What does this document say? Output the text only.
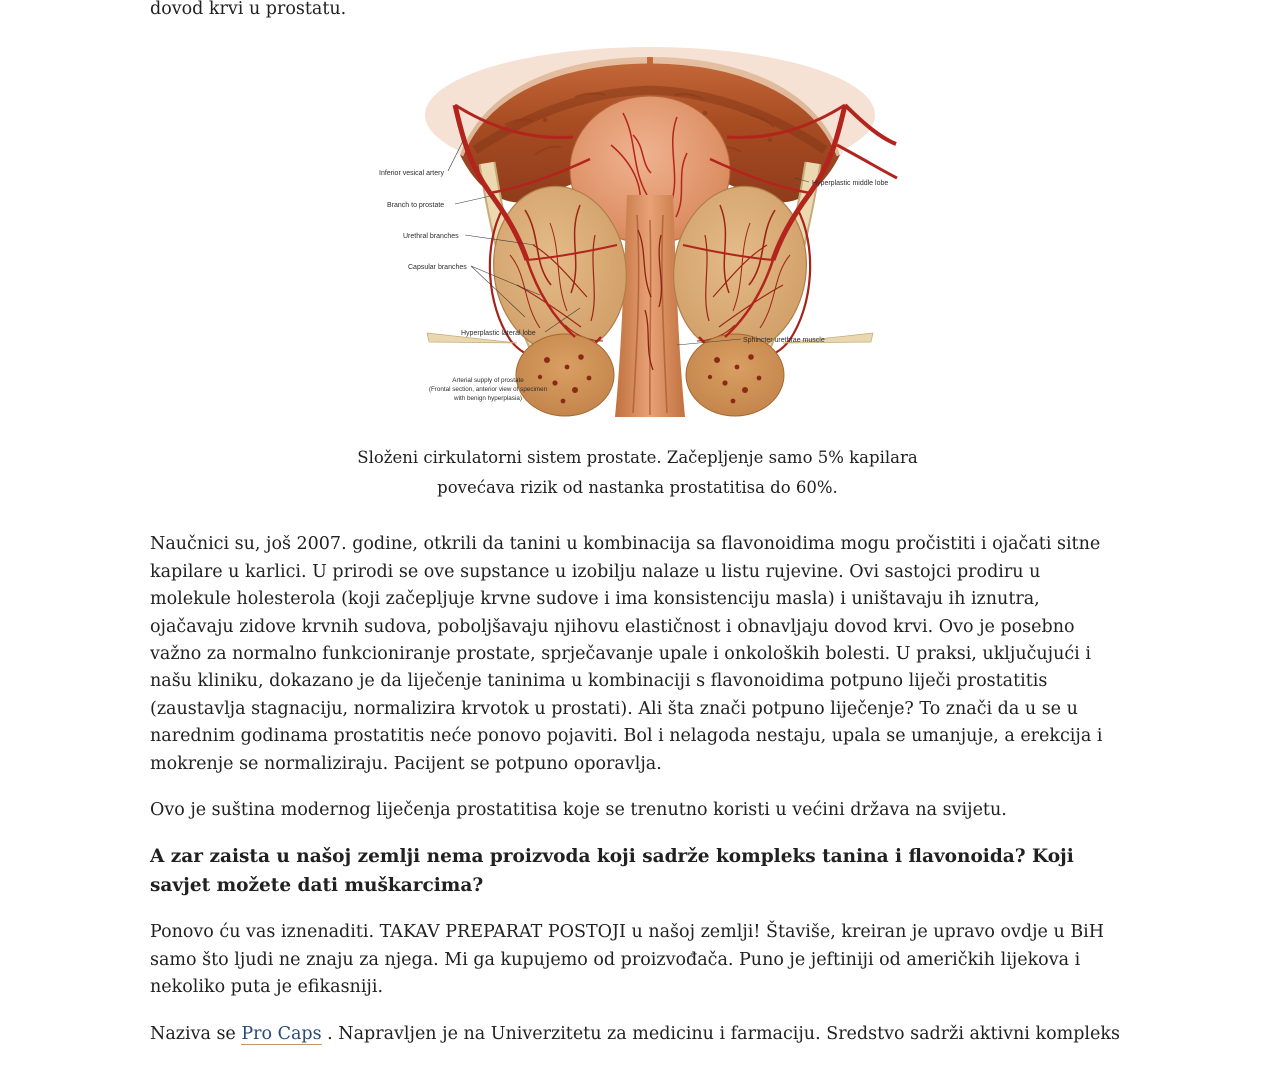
dovod krvi u prostatu.

Inferior vesical artery
Branch to prostate
Urethral branches
Capsular branches
Hyperplastic lateral lobe
Hyperplastic middle lobe
Sphincter urethrae muscle
Arterial supply of prostate
(Frontal section, anterior view of specimen
with benign hyperplasia)
Složeni cirkulatorni sistem prostate. Začepljenje samo 5% kapilara povećava rizik od nastanka prostatitisa do 60%.

Naučnici su, još 2007. godine, otkrili da tanini u kombinacija sa flavonoidima mogu pročistiti i ojačati sitne kapilare u karlici. U prirodi se ove supstance u izobilju nalaze u listu rujevine. Ovi sastojci prodiru u molekule holesterola (koji začepljuje krvne sudove i ima konsistenciju masla) i uništavaju ih iznutra, ojačavaju zidove krvnih sudova, poboljšavaju njihovu elastičnost i obnavljaju dovod krvi. Ovo je posebno važno za normalno funkcioniranje prostate, sprječavanje upale i onkoloških bolesti. U praksi, uključujući i našu kliniku, dokazano je da liječenje taninima u kombinaciji s flavonoidima potpuno liječi prostatitis (zaustavlja stagnaciju, normalizira krvotok u prostati). Ali šta znači potpuno liječenje? To znači da u se u narednim godinama prostatitis neće ponovo pojaviti. Bol i nelagoda nestaju, upala se umanjuje, a erekcija i mokrenje se normaliziraju. Pacijent se potpuno oporavlja.

Ovo je suština modernog liječenja prostatitisa koje se trenutno koristi u većini država na svijetu.

A zar zaista u našoj zemlji nema proizvoda koji sadrže kompleks tanina i flavonoida? Koji savjet možete dati muškarcima?

Ponovo ću vas iznenaditi. TAKAV PREPARAT POSTOJI u našoj zemlji! Štaviše, kreiran je upravo ovdje u BiH samo što ljudi ne znaju za njega. Mi ga kupujemo od proizvođača. Puno je jeftiniji od američkih lijekova i nekoliko puta je efikasniji.

Naziva se Pro Caps . Napravljen je na Univerzitetu za medicinu i farmaciju. Sredstvo sadrži aktivni kompleks
